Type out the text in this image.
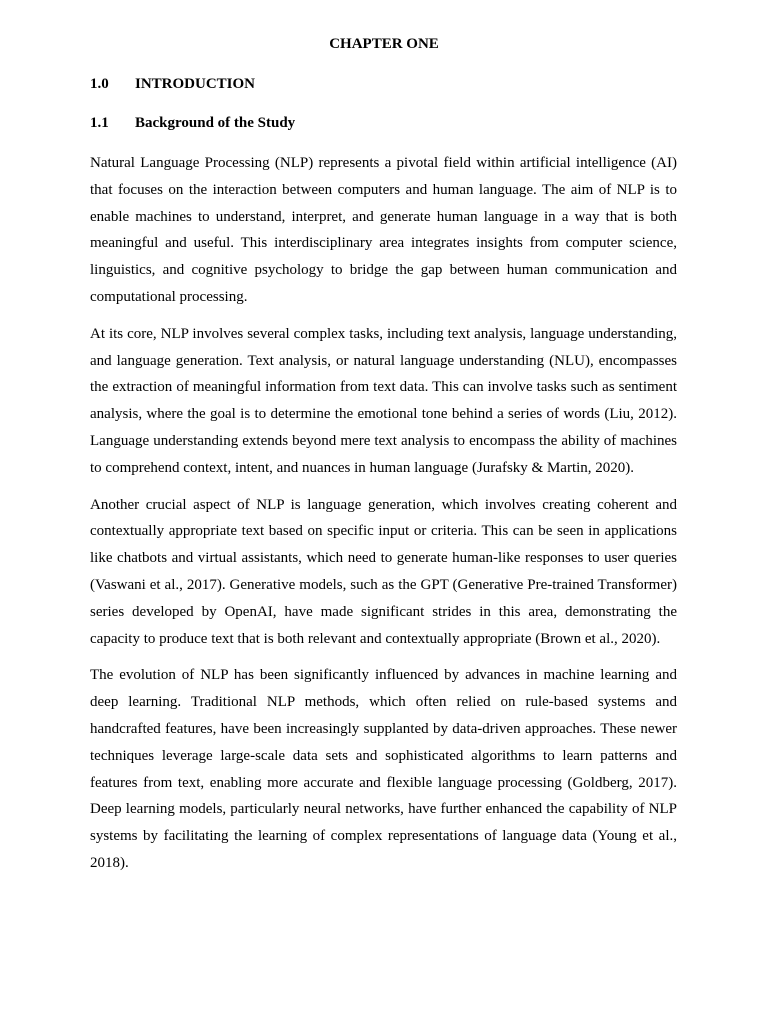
CHAPTER ONE
1.0	INTRODUCTION
1.1	Background of the Study

Natural Language Processing (NLP) represents a pivotal field within artificial intelligence (AI) that focuses on the interaction between computers and human language. The aim of NLP is to enable machines to understand, interpret, and generate human language in a way that is both meaningful and useful. This interdisciplinary area integrates insights from computer science, linguistics, and cognitive psychology to bridge the gap between human communication and computational processing.

At its core, NLP involves several complex tasks, including text analysis, language understanding, and language generation. Text analysis, or natural language understanding (NLU), encompasses the extraction of meaningful information from text data. This can involve tasks such as sentiment analysis, where the goal is to determine the emotional tone behind a series of words (Liu, 2012). Language understanding extends beyond mere text analysis to encompass the ability of machines to comprehend context, intent, and nuances in human language (Jurafsky & Martin, 2020).

Another crucial aspect of NLP is language generation, which involves creating coherent and contextually appropriate text based on specific input or criteria. This can be seen in applications like chatbots and virtual assistants, which need to generate human-like responses to user queries (Vaswani et al., 2017). Generative models, such as the GPT (Generative Pre-trained Transformer) series developed by OpenAI, have made significant strides in this area, demonstrating the capacity to produce text that is both relevant and contextually appropriate (Brown et al., 2020).

The evolution of NLP has been significantly influenced by advances in machine learning and deep learning. Traditional NLP methods, which often relied on rule-based systems and handcrafted features, have been increasingly supplanted by data-driven approaches. These newer techniques leverage large-scale data sets and sophisticated algorithms to learn patterns and features from text, enabling more accurate and flexible language processing (Goldberg, 2017). Deep learning models, particularly neural networks, have further enhanced the capability of NLP systems by facilitating the learning of complex representations of language data (Young et al., 2018).
